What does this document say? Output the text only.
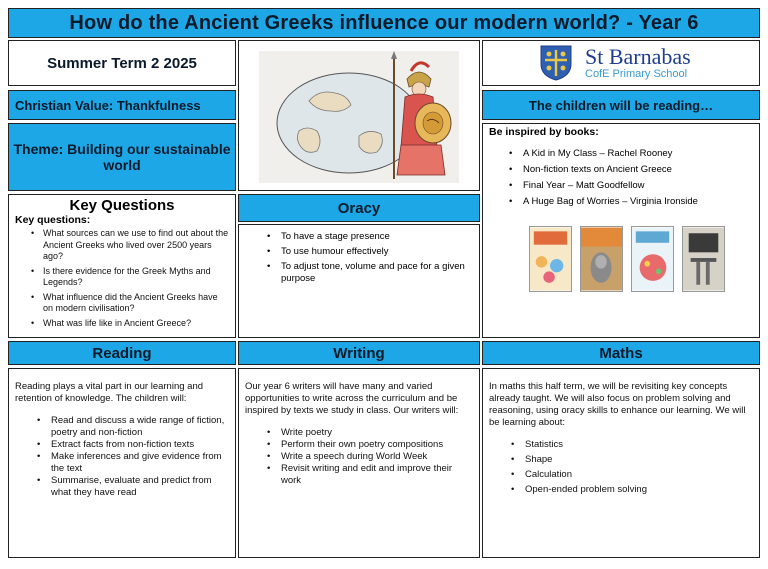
How do the Ancient Greeks influence our modern world? - Year 6
Summer Term 2 2025
Christian Value: Thankfulness
Theme: Building our sustainable world
Key Questions
Key questions:
• What sources can we use to find out about the Ancient Greeks who lived over 2500 years ago?
• Is there evidence for the Greek Myths and Legends?
• What influence did the Ancient Greeks have on modern civilisation?
• What was life like in Ancient Greece?
Oracy
• To have a stage presence
• To use humour effectively
• To adjust tone, volume and pace for a given purpose
St Barnabas
CofE Primary School
The children will be reading…
Be inspired by books:
• A Kid in My Class – Rachel Rooney
• Non-fiction texts on Ancient Greece
• Final Year – Matt Goodfellow
• A Huge Bag of Worries – Virginia Ironside
Reading	Writing	Maths

Reading plays a vital part in our learning and retention of knowledge. The children will:

• Read and discuss a wide range of fiction, poetry and non-fiction
• Extract facts from non-fiction texts
• Make inferences and give evidence from the text
• Summarise, evaluate and predict from what they have read

Our year 6 writers will have many and varied opportunities to write across the curriculum and be inspired by texts we study in class. Our writers will:

• Write poetry
• Perform their own poetry compositions
• Write a speech during World Week
• Revisit writing and edit and improve their work

In maths this half term, we will be revisiting key concepts already taught. We will also focus on problem solving and reasoning, using oracy skills to enhance our learning. We will be learning about:

• Statistics
• Shape
• Calculation
• Open-ended problem solving
